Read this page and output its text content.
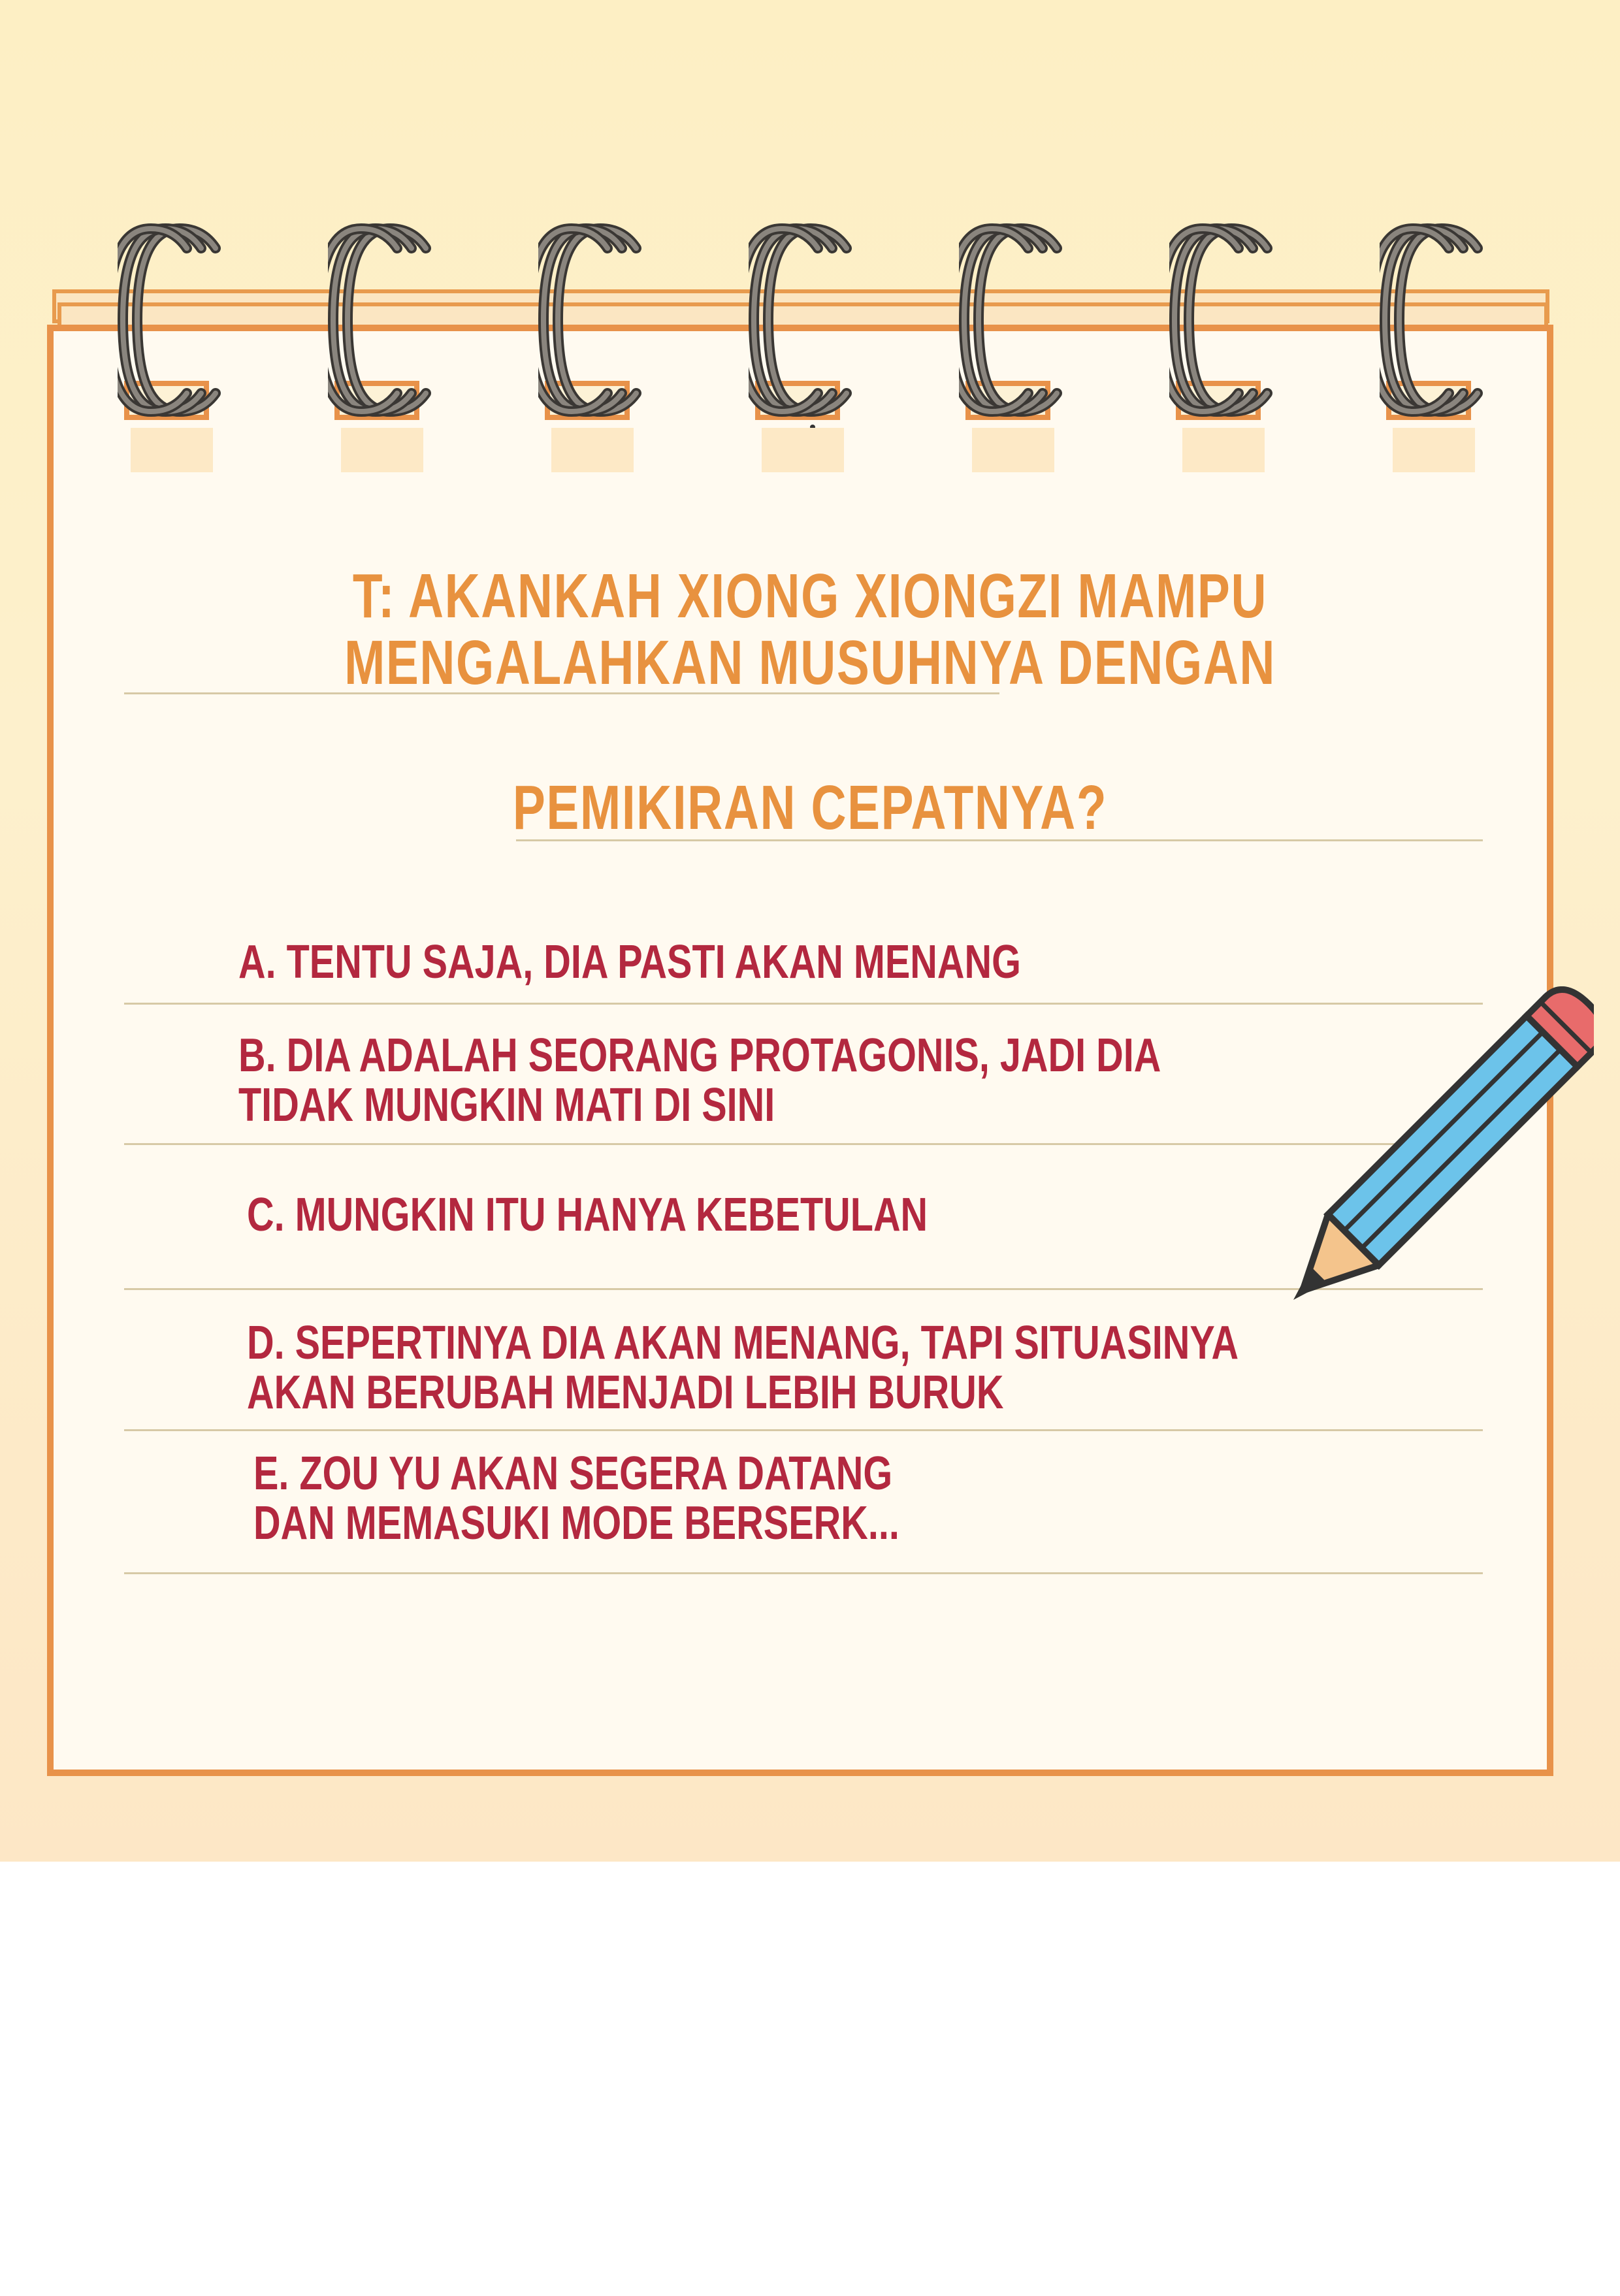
T: AKANKAH XIONG XIONGZI MAMPU
MENGALAHKAN MUSUHNYA DENGAN
PEMIKIRAN CEPATNYA?
A. TENTU SAJA, DIA PASTI AKAN MENANG
B. DIA ADALAH SEORANG PROTAGONIS, JADI DIA
TIDAK MUNGKIN MATI DI SINI
C. MUNGKIN ITU HANYA KEBETULAN
D. SEPERTINYA DIA AKAN MENANG, TAPI SITUASINYA
AKAN BERUBAH MENJADI LEBIH BURUK
E. ZOU YU AKAN SEGERA DATANG
DAN MEMASUKI MODE BERSERK...
